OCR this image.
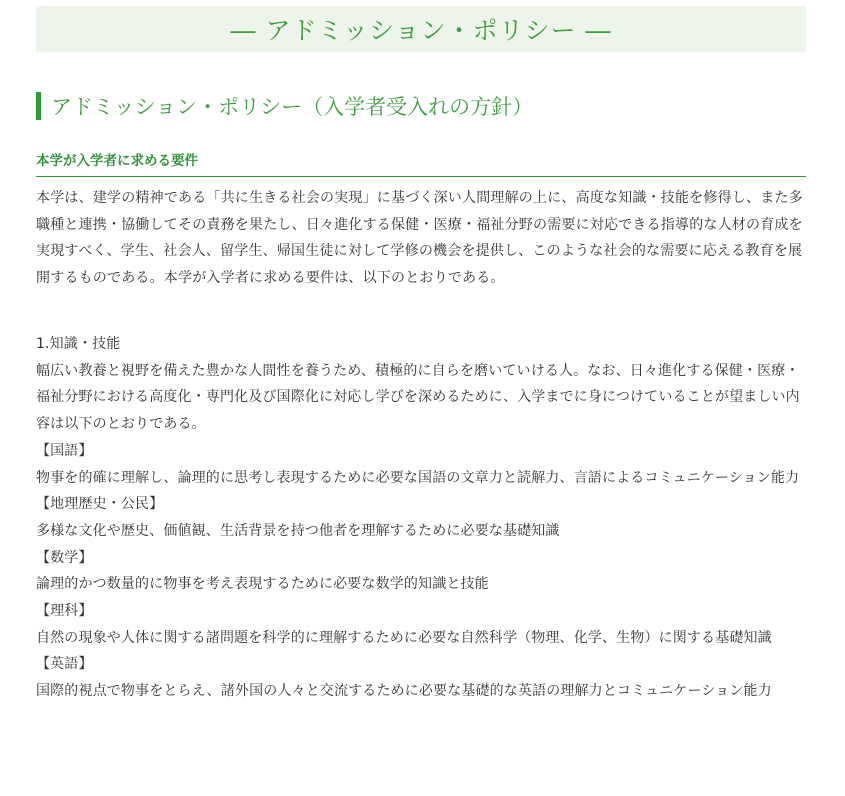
― アドミッション・ポリシー ―
アドミッション・ポリシー（入学者受入れの方針）
本学が入学者に求める要件

本学は、建学の精神である「共に生きる社会の実現」に基づく深い人間理解の上に、高度な知識・技能を修得し、また多職種と連携・協働してその責務を果たし、日々進化する保健・医療・福祉分野の需要に対応できる指導的な人材の育成を実現すべく、学生、社会人、留学生、帰国生徒に対して学修の機会を提供し、このような社会的な需要に応える教育を展開するものである。本学が入学者に求める要件は、以下のとおりである。

1.知識・技能
幅広い教養と視野を備えた豊かな人間性を養うため、積極的に自らを磨いていける人。なお、日々進化する保健・医療・福祉分野における高度化・専門化及び国際化に対応し学びを深めるために、入学までに身につけていることが望ましい内容は以下のとおりである。
【国語】
物事を的確に理解し、論理的に思考し表現するために必要な国語の文章力と読解力、言語によるコミュニケーション能力
【地理歴史・公民】
多様な文化や歴史、価値観、生活背景を持つ他者を理解するために必要な基礎知識
【数学】
論理的かつ数量的に物事を考え表現するために必要な数学的知識と技能
【理科】
自然の現象や人体に関する諸問題を科学的に理解するために必要な自然科学（物理、化学、生物）に関する基礎知識
【英語】
国際的視点で物事をとらえ、諸外国の人々と交流するために必要な基礎的な英語の理解力とコミュニケーション能力
